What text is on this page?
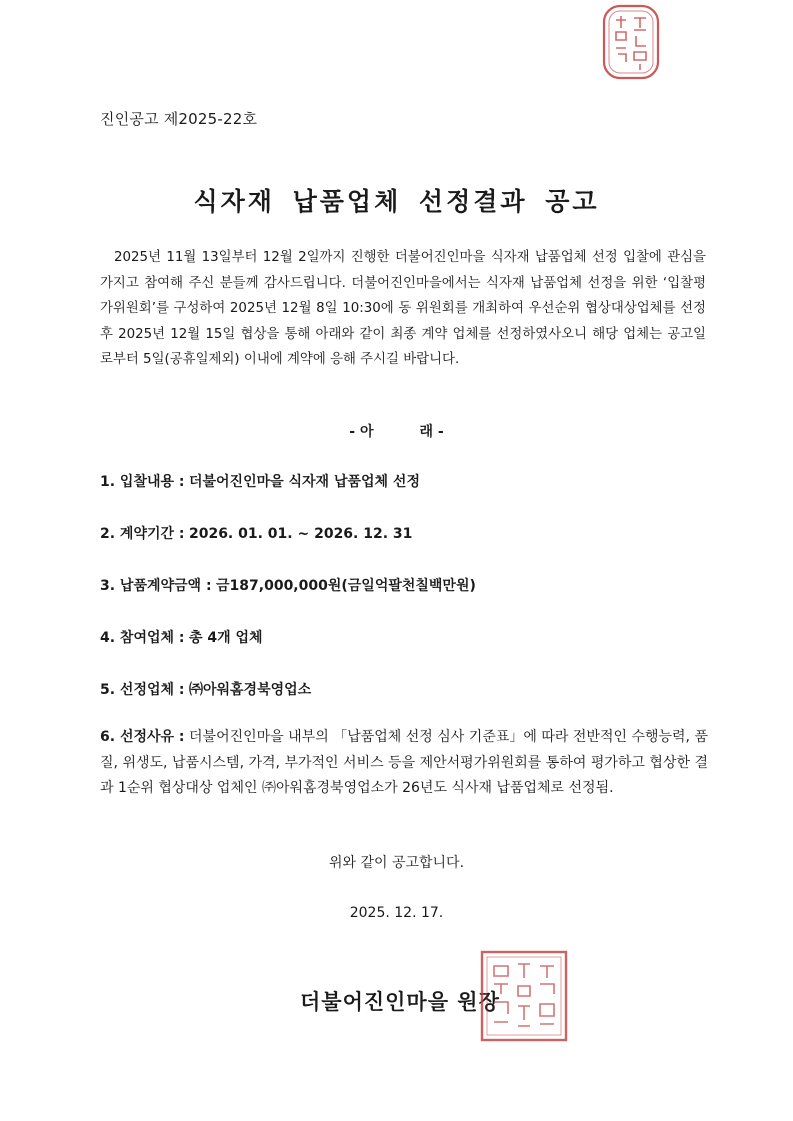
진인공고 제2025-22호
식자재 납품업체 선정결과 공고
2025년 11월 13일부터 12월 2일까지 진행한 더불어진인마을 식자재 납품업체 선정 입찰에 관심을 가지고 참여해 주신 분들께 감사드립니다. 더불어진인마을에서는 식자재 납품업체 선정을 위한 ‘입찰평가위원회’를 구성하여 2025년 12월 8일 10:30에 동 위원회를 개최하여 우선순위 협상대상업체를 선정 후 2025년 12월 15일 협상을 통해 아래와 같이 최종 계약 업체를 선정하였사오니 해당 업체는 공고일로부터 5일(공휴일제외) 이내에 계약에 응해 주시길 바랍니다.
- 아	래 -
1. 입찰내용 : 더불어진인마을 식자재 납품업체 선정
2. 계약기간 : 2026. 01. 01. ~ 2026. 12. 31
3. 납품계약금액 : 금187,000,000원(금일억팔천칠백만원)
4. 참여업체 : 총 4개 업체
5. 선정업체 : ㈜아워홈경북영업소
6. 선정사유 : 더불어진인마을 내부의 「납품업체 선정 심사 기준표」에 따라 전반적인 수행능력, 품질, 위생도, 납품시스템, 가격, 부가적인 서비스 등을 제안서평가위원회를 통하여 평가하고 협상한 결과 1순위 협상대상 업체인 ㈜아워홈경북영업소가 26년도 식사재 납품업체로 선정됨.
위와 같이 공고합니다.
2025. 12. 17.
더불어진인마을 원장
